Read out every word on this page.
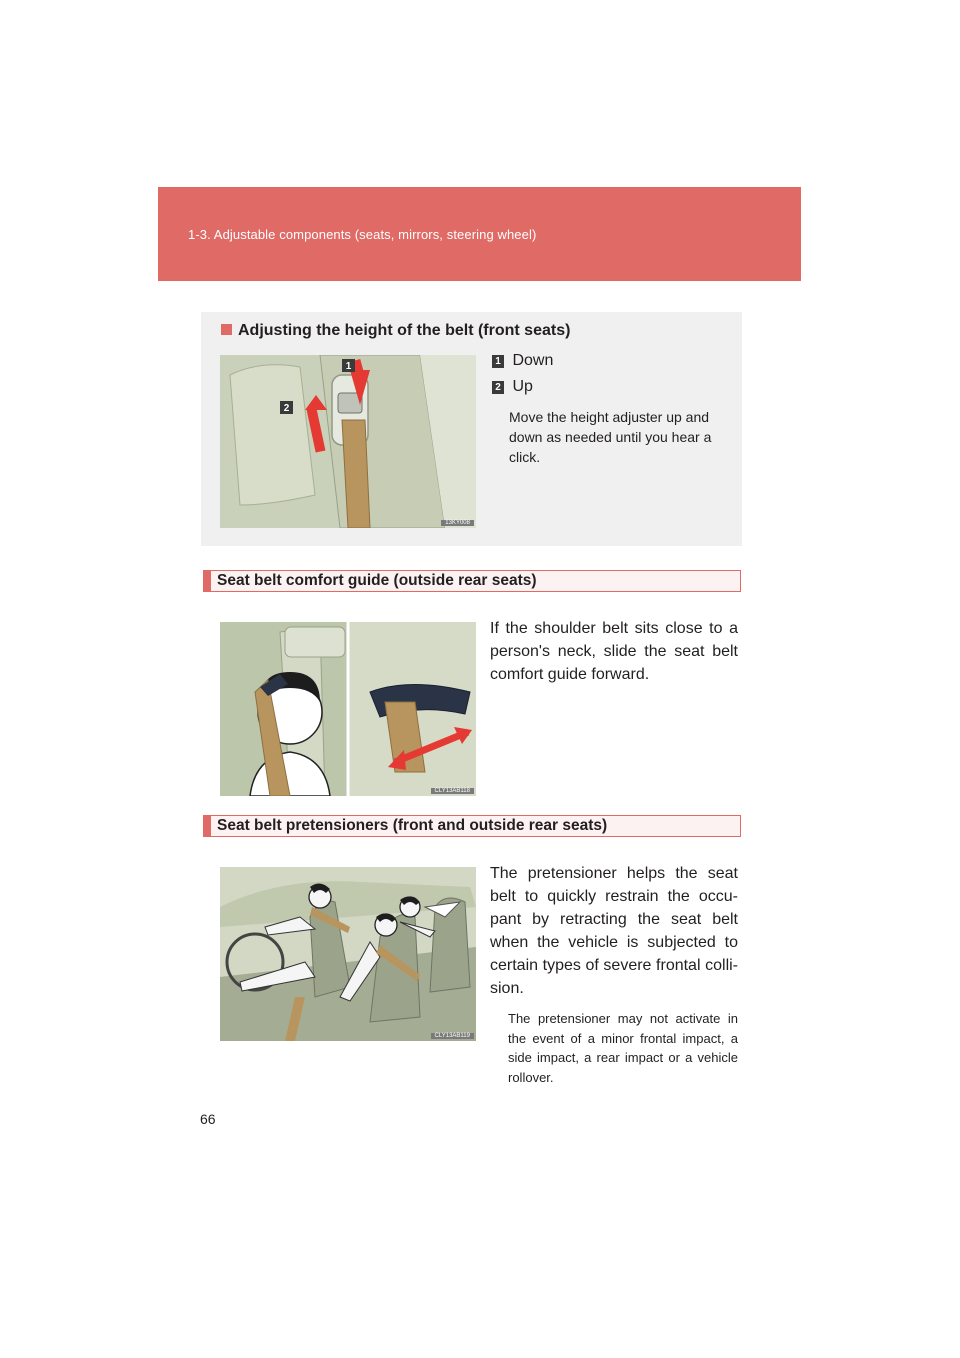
1-3. Adjustable components (seats, mirrors, steering wheel)
Adjusting the height of the belt (front seats)
1
2
13KY008
1 Down
2 Up
Move the height adjuster up and down as needed until you hear a click.
Seat belt comfort guide (outside rear seats)
CLY13AB118
If the shoulder belt sits close to a person's neck, slide the seat belt comfort guide forward.
Seat belt pretensioners (front and outside rear seats)
CLY13AB119
The pretensioner helps the seat belt to quickly restrain the occu-pant by retracting the seat belt when the vehicle is subjected to certain types of severe frontal colli-sion.
The pretensioner may not activate in the event of a minor frontal impact, a side impact, a rear impact or a vehicle rollover.
66
